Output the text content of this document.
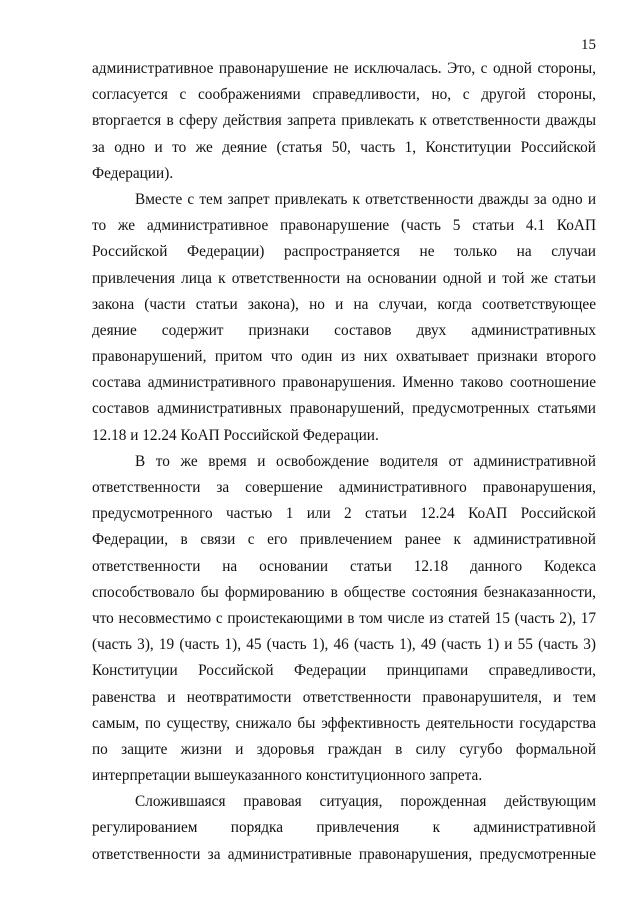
15
административное правонарушение не исключалась. Это, с одной стороны,
согласуется с соображениями справедливости, но, с другой стороны,
вторгается в сферу действия запрета привлекать к ответственности дважды
за одно и то же деяние (статья 50, часть 1, Конституции Российской
Федерации).
Вместе с тем запрет привлекать к ответственности дважды за одно и
то же административное правонарушение (часть 5 статьи 4.1 КоАП
Российской Федерации) распространяется не только на случаи
привлечения лица к ответственности на основании одной и той же статьи
закона (части статьи закона), но и на случаи, когда соответствующее
деяние содержит признаки составов двух административных
правонарушений, притом что один из них охватывает признаки второго
состава административного правонарушения. Именно таково соотношение
составов административных правонарушений, предусмотренных статьями
12.18 и 12.24 КоАП Российской Федерации.
В то же время и освобождение водителя от административной
ответственности за совершение административного правонарушения,
предусмотренного частью 1 или 2 статьи 12.24 КоАП Российской
Федерации, в связи с его привлечением ранее к административной
ответственности на основании статьи 12.18 данного Кодекса
способствовало бы формированию в обществе состояния безнаказанности,
что несовместимо с проистекающими в том числе из статей 15 (часть 2), 17
(часть 3), 19 (часть 1), 45 (часть 1), 46 (часть 1), 49 (часть 1) и 55 (часть 3)
Конституции Российской Федерации принципами справедливости,
равенства и неотвратимости ответственности правонарушителя, и тем
самым, по существу, снижало бы эффективность деятельности государства
по защите жизни и здоровья граждан в силу сугубо формальной
интерпретации вышеуказанного конституционного запрета.
Сложившаяся правовая ситуация, порожденная действующим
регулированием порядка привлечения к административной
ответственности за административные правонарушения, предусмотренные
